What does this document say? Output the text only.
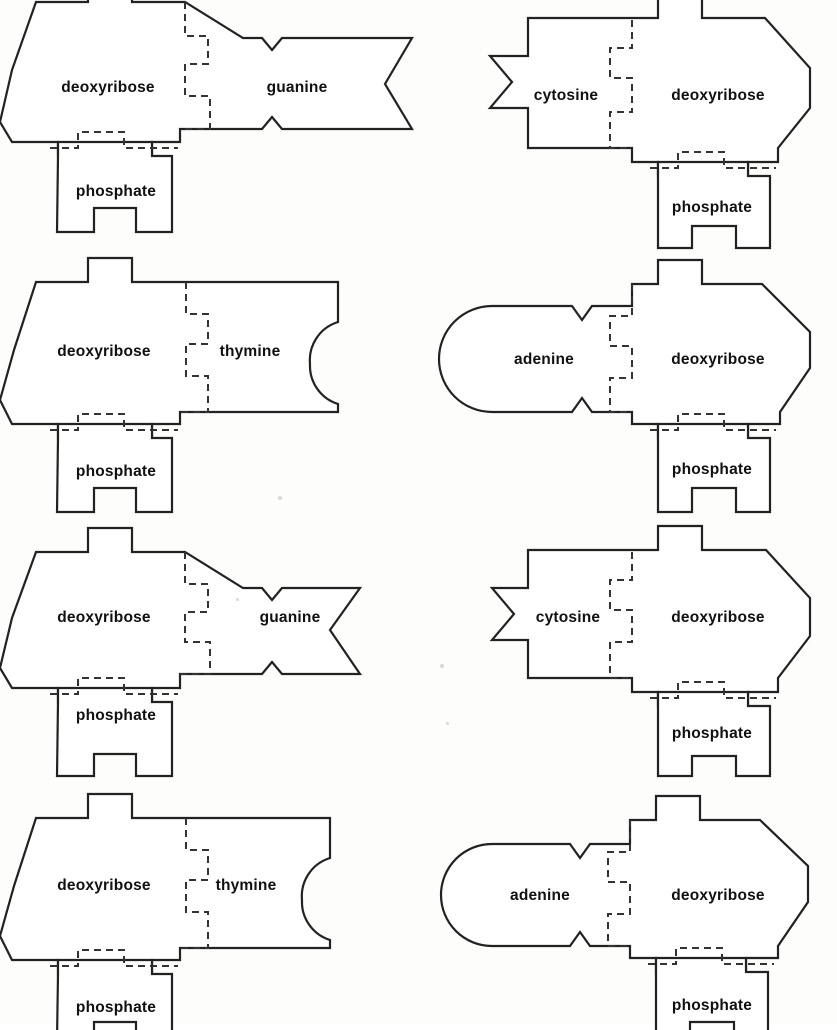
deoxyribose	guanine
phosphate
cytosine	deoxyribose
phosphate
deoxyribose	thymine
phosphate
adenine	deoxyribose
phosphate
deoxyribose	guanine
phosphate
cytosine	deoxyribose
phosphate
deoxyribose	thymine
phosphate
adenine	deoxyribose
phosphate
